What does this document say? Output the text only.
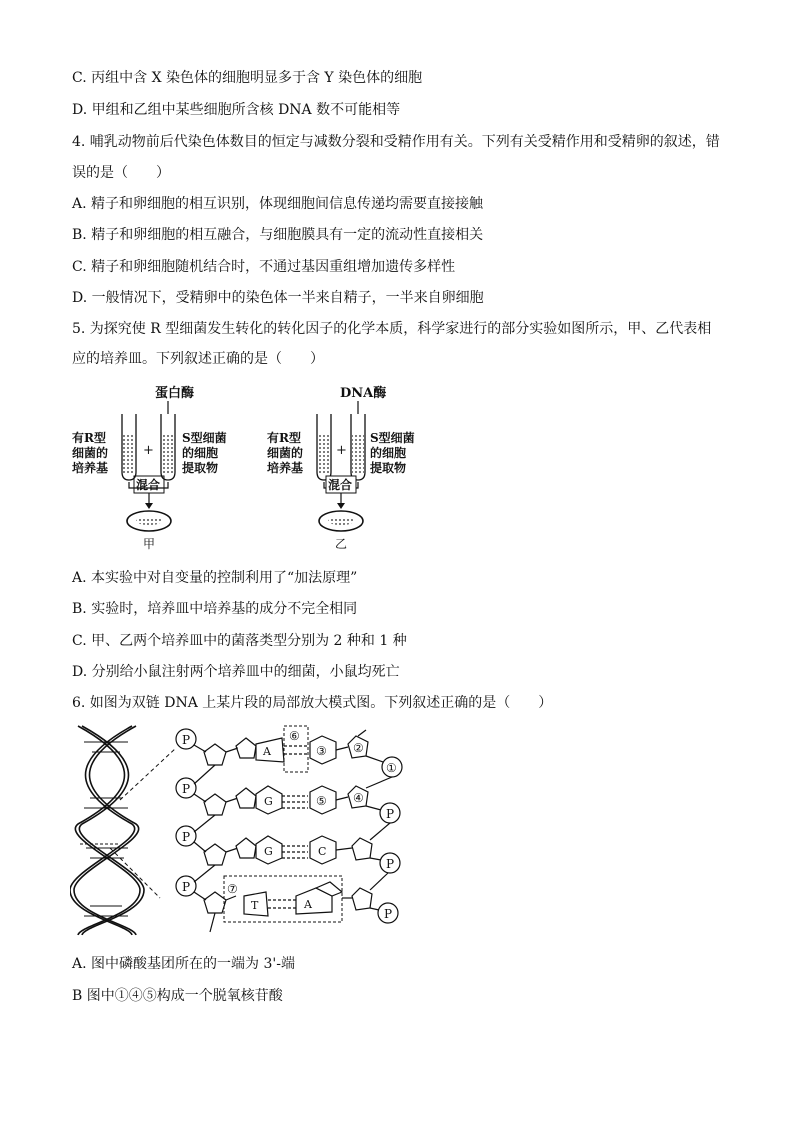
C. 丙组中含 X 染色体的细胞明显多于含 Y 染色体的细胞
D. 甲组和乙组中某些细胞所含核 DNA 数不可能相等
4. 哺乳动物前后代染色体数目的恒定与减数分裂和受精作用有关。下列有关受精作用和受精卵的叙述，错
误的是（　　）
A. 精子和卵细胞的相互识别，体现细胞间信息传递均需要直接接触
B. 精子和卵细胞的相互融合，与细胞膜具有一定的流动性直接相关
C. 精子和卵细胞随机结合时，不通过基因重组增加遗传多样性
D. 一般情况下，受精卵中的染色体一半来自精子，一半来自卵细胞
5. 为探究使 R 型细菌发生转化的转化因子的化学本质，科学家进行的部分实验如图所示，甲、乙代表相
应的培养皿。下列叙述正确的是（　　）
蛋白酶
+
有R型
细菌的
培养基
S型细菌
的细胞
提取物
混合
甲
DNA酶
+
有R型
细菌的
培养基
S型细菌
的细胞
提取物
混合
乙
A. 本实验中对自变量的控制利用了“加法原理”
B. 实验时，培养皿中培养基的成分不完全相同
C. 甲、乙两个培养皿中的菌落类型分别为 2 种和 1 种
D. 分别给小鼠注射两个培养皿中的细菌，小鼠均死亡
6. 如图为双链 DNA 上某片段的局部放大模式图。下列叙述正确的是（　　）
P
P
P
P
A
G
G
T
⑥
⑦
③
⑤
C
A
②
④
①
P
P
P
A. 图中磷酸基团所在的一端为 3'-端
B 图中①④⑤构成一个脱氧核苷酸
